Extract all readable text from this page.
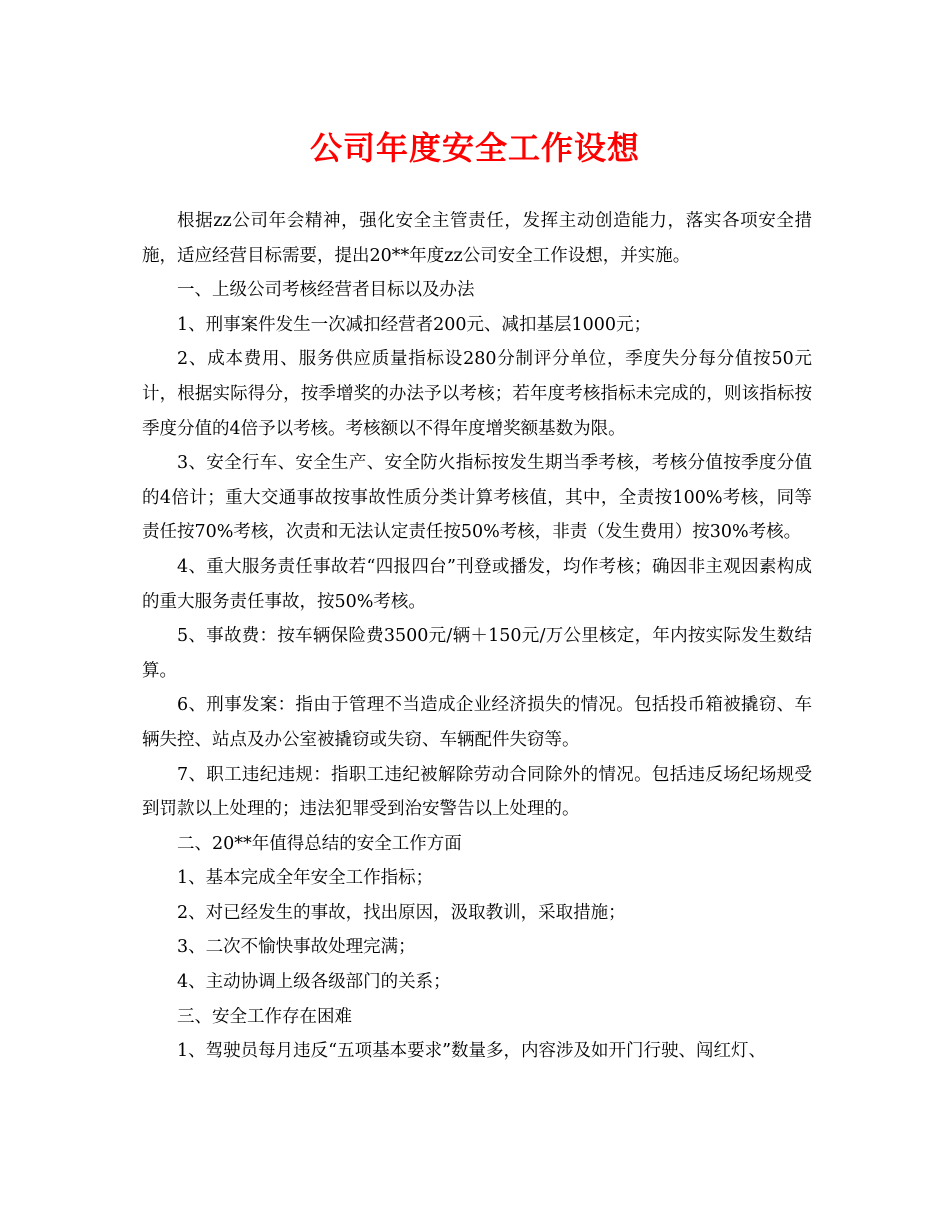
公司年度安全工作设想

根据zz公司年会精神，强化安全主管责任，发挥主动创造能力，落实各项安全措施，适应经营目标需要，提出20**年度zz公司安全工作设想，并实施。

一、上级公司考核经营者目标以及办法

1、刑事案件发生一次减扣经营者200元、减扣基层1000元；

2、成本费用、服务供应质量指标设280分制评分单位，季度失分每分值按50元计，根据实际得分，按季增奖的办法予以考核；若年度考核指标未完成的，则该指标按季度分值的4倍予以考核。考核额以不得年度增奖额基数为限。

3、安全行车、安全生产、安全防火指标按发生期当季考核，考核分值按季度分值的4倍计；重大交通事故按事故性质分类计算考核值，其中，全责按100%考核，同等责任按70%考核，次责和无法认定责任按50%考核，非责（发生费用）按30%考核。

4、重大服务责任事故若“四报四台”刊登或播发，均作考核；确因非主观因素构成的重大服务责任事故，按50%考核。

5、事故费：按车辆保险费3500元/辆＋150元/万公里核定，年内按实际发生数结算。

6、刑事发案：指由于管理不当造成企业经济损失的情况。包括投币箱被撬窃、车辆失控、站点及办公室被撬窃或失窃、车辆配件失窃等。

7、职工违纪违规：指职工违纪被解除劳动合同除外的情况。包括违反场纪场规受到罚款以上处理的；违法犯罪受到治安警告以上处理的。

二、20**年值得总结的安全工作方面

1、基本完成全年安全工作指标；

2、对已经发生的事故，找出原因，汲取教训，采取措施；

3、二次不愉快事故处理完满；

4、主动协调上级各级部门的关系；

三、安全工作存在困难

1、驾驶员每月违反“五项基本要求”数量多，内容涉及如开门行驶、闯红灯、
